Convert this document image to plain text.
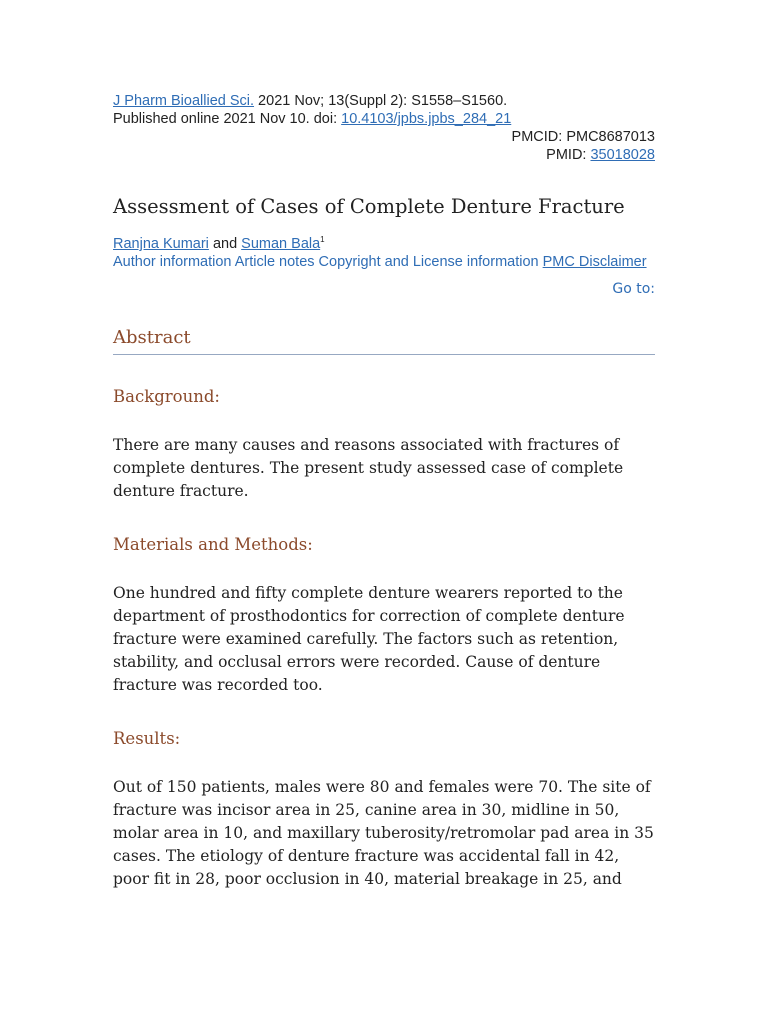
J Pharm Bioallied Sci. 2021 Nov; 13(Suppl 2): S1558–S1560.

Published online 2021 Nov 10. doi: 10.4103/jpbs.jpbs_284_21

PMCID: PMC8687013

PMID: 35018028

Assessment of Cases of Complete Denture Fracture
Ranjna Kumari and Suman Bala$^1$
Author information Article notes Copyright and License information PMC Disclaimer
Go to:
Abstract
Background:

There are many causes and reasons associated with fractures of complete dentures. The present study assessed case of complete denture fracture.

Materials and Methods:

One hundred and fifty complete denture wearers reported to the department of prosthodontics for correction of complete denture fracture were examined carefully. The factors such as retention, stability, and occlusal errors were recorded. Cause of denture fracture was recorded too.

Results:

Out of 150 patients, males were 80 and females were 70. The site of fracture was incisor area in 25, canine area in 30, midline in 50, molar area in 10, and maxillary tuberosity/retromolar pad area in 35 cases. The etiology of denture fracture was accidental fall in 42, poor fit in 28, poor occlusion in 40, material breakage in 25, and
